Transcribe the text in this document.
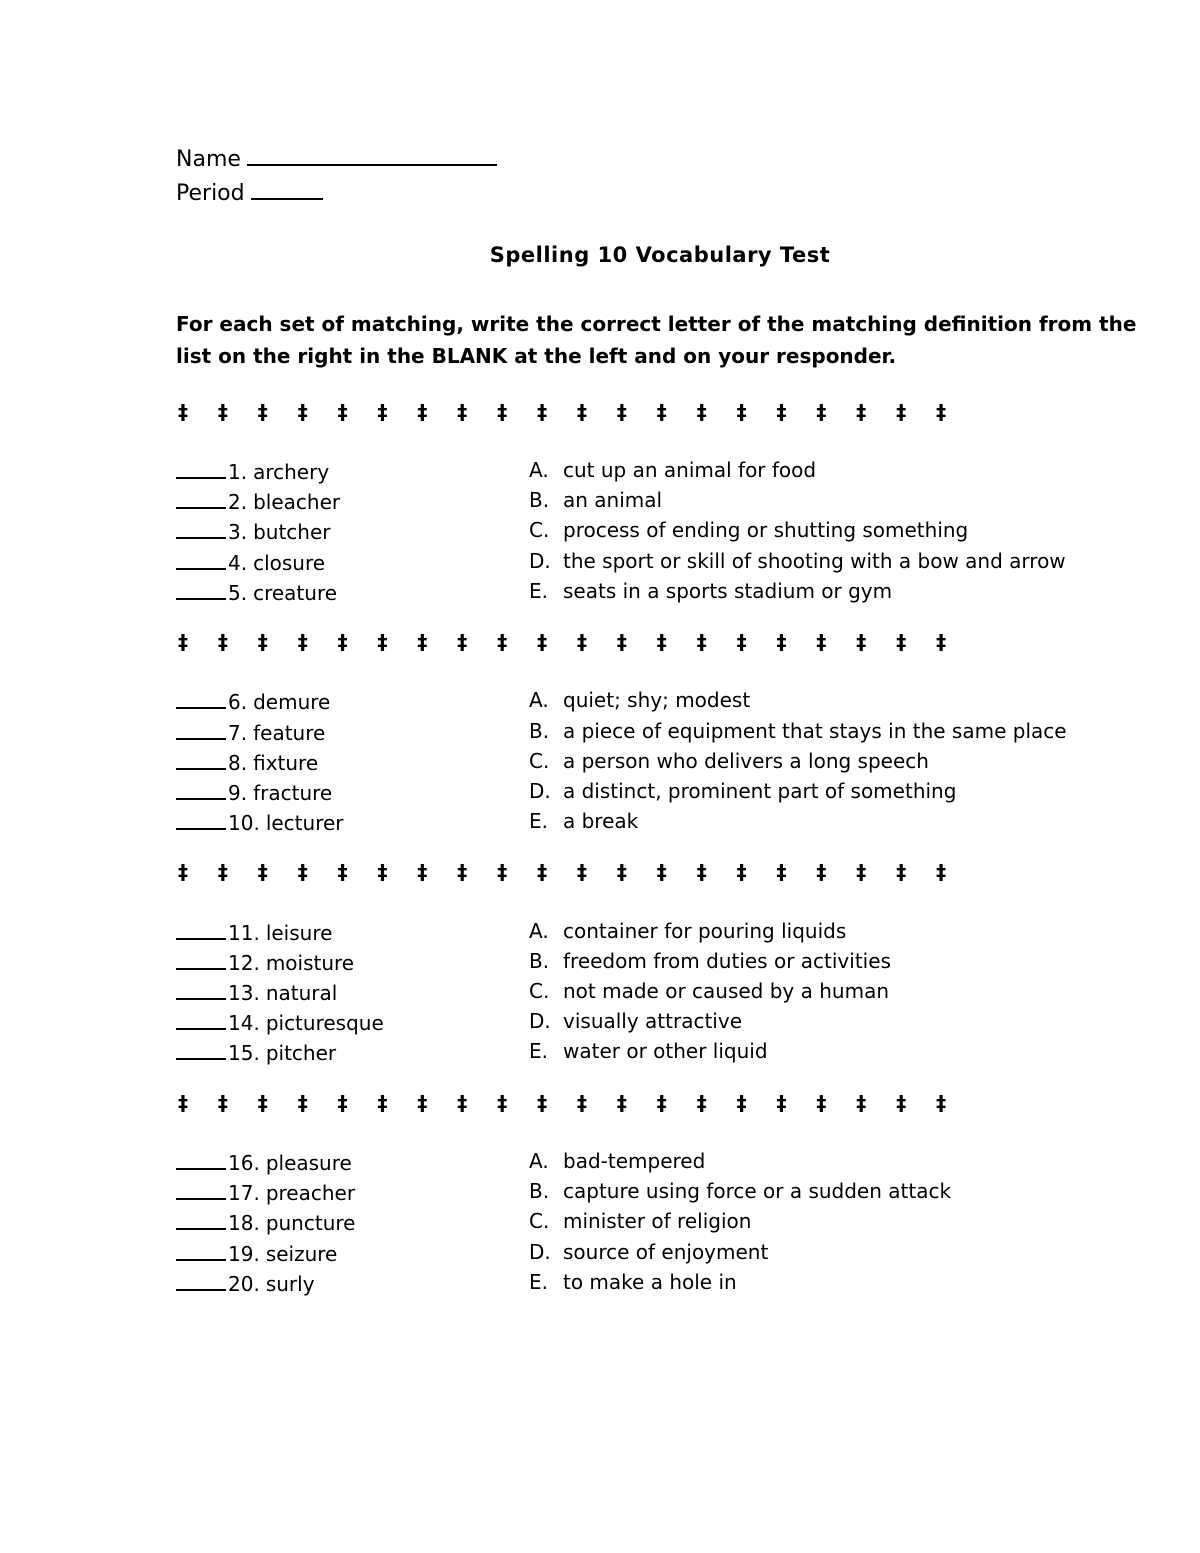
Name
Period
Spelling 10 Vocabulary Test
For each set of matching, write the correct letter of the matching definition from the list on the right in the BLANK at the left and on your responder.
‡ ‡ ‡ ‡ ‡ ‡ ‡ ‡ ‡ ‡ ‡ ‡ ‡ ‡ ‡ ‡ ‡ ‡ ‡ ‡
1. archery
2. bleacher
3. butcher
4. closure
5. creature
A. cut up an animal for food
B. an animal
C. process of ending or shutting something
D. the sport or skill of shooting with a bow and arrow
E. seats in a sports stadium or gym
‡ ‡ ‡ ‡ ‡ ‡ ‡ ‡ ‡ ‡ ‡ ‡ ‡ ‡ ‡ ‡ ‡ ‡ ‡ ‡
6. demure
7. feature
8. fixture
9. fracture
10. lecturer
A. quiet; shy; modest
B. a piece of equipment that stays in the same place
C. a person who delivers a long speech
D. a distinct, prominent part of something
E. a break
‡ ‡ ‡ ‡ ‡ ‡ ‡ ‡ ‡ ‡ ‡ ‡ ‡ ‡ ‡ ‡ ‡ ‡ ‡ ‡
11. leisure
12. moisture
13. natural
14. picturesque
15. pitcher
A. container for pouring liquids
B. freedom from duties or activities
C. not made or caused by a human
D. visually attractive
E. water or other liquid
‡ ‡ ‡ ‡ ‡ ‡ ‡ ‡ ‡ ‡ ‡ ‡ ‡ ‡ ‡ ‡ ‡ ‡ ‡ ‡
16. pleasure
17. preacher
18. puncture
19. seizure
20. surly
A. bad-tempered
B. capture using force or a sudden attack
C. minister of religion
D. source of enjoyment
E. to make a hole in
